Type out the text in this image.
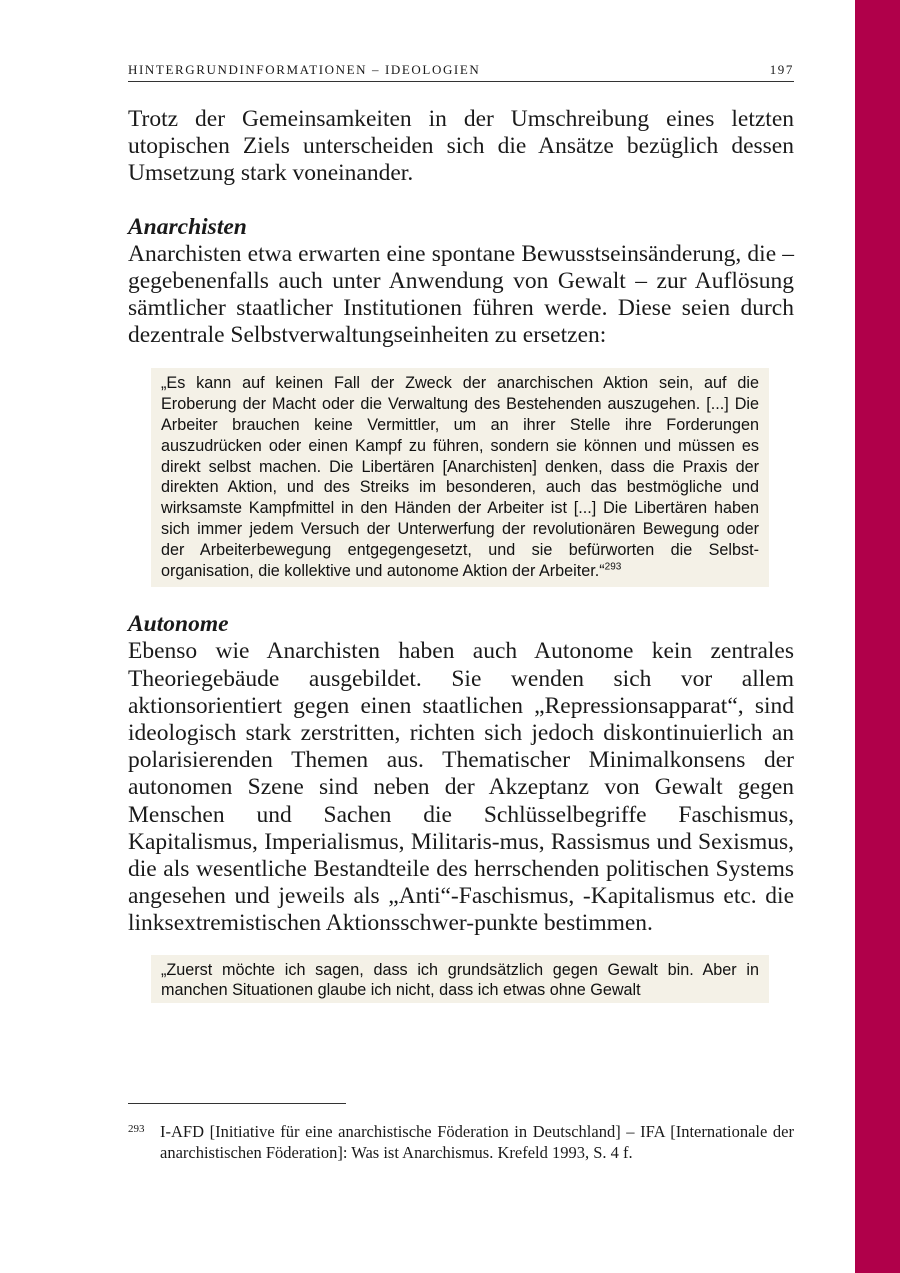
HINTERGRUNDINFORMATIONEN – IDEOLOGIEN	197

Trotz der Gemeinsamkeiten in der Umschreibung eines letzten utopischen Ziels unterscheiden sich die Ansätze bezüglich dessen Umsetzung stark voneinander.

Anarchisten

Anarchisten etwa erwarten eine spontane Bewusstseinsänderung, die – gegebenenfalls auch unter Anwendung von Gewalt – zur Auflösung sämtlicher staatlicher Institutionen führen werde. Diese seien durch dezentrale Selbstverwaltungseinheiten zu ersetzen:

„Es kann auf keinen Fall der Zweck der anarchischen Aktion sein, auf die Eroberung der Macht oder die Verwaltung des Bestehenden auszugehen. [...] Die Arbeiter brauchen keine Vermittler, um an ihrer Stelle ihre Forderungen auszudrücken oder einen Kampf zu führen, sondern sie können und müssen es direkt selbst machen. Die Libertären [Anarchisten] denken, dass die Praxis der direkten Aktion, und des Streiks im besonderen, auch das bestmögliche und wirksamste Kampfmittel in den Händen der Arbeiter ist [...] Die Libertären haben sich immer jedem Versuch der Unterwerfung der revolutionären Bewegung oder der Arbeiterbewegung entgegengesetzt, und sie befürworten die Selbst-organisation, die kollektive und autonome Aktion der Arbeiter.“$^{293}$
Autonome

Ebenso wie Anarchisten haben auch Autonome kein zentrales Theoriegebäude ausgebildet. Sie wenden sich vor allem aktionsorientiert gegen einen staatlichen „Repressionsapparat“, sind ideologisch stark zerstritten, richten sich jedoch diskontinuierlich an polarisierenden Themen aus. Thematischer Minimalkonsens der autonomen Szene sind neben der Akzeptanz von Gewalt gegen Menschen und Sachen die Schlüsselbegriffe Faschismus, Kapitalismus, Imperialismus, Militaris-mus, Rassismus und Sexismus, die als wesentliche Bestandteile des herrschenden politischen Systems angesehen und jeweils als „Anti“-Faschismus, -Kapitalismus etc. die linksextremistischen Aktionsschwer-punkte bestimmen.

„Zuerst möchte ich sagen, dass ich grundsätzlich gegen Gewalt bin. Aber in manchen Situationen glaube ich nicht, dass ich etwas ohne Gewalt
293 I-AFD [Initiative für eine anarchistische Föderation in Deutschland] – IFA [Internationale der anarchistischen Föderation]: Was ist Anarchismus. Krefeld 1993, S. 4 f.
